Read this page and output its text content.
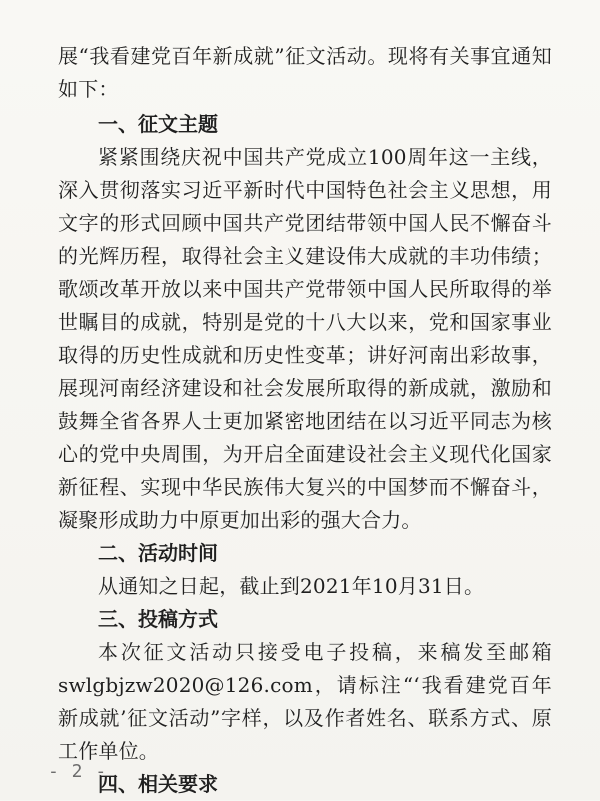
展“我看建党百年新成就”征文活动。现将有关事宜通知如下：

一、征文主题

紧紧围绕庆祝中国共产党成立100周年这一主线，深入贯彻落实习近平新时代中国特色社会主义思想，用文字的形式回顾中国共产党团结带领中国人民不懈奋斗的光辉历程，取得社会主义建设伟大成就的丰功伟绩；歌颂改革开放以来中国共产党带领中国人民所取得的举世瞩目的成就，特别是党的十八大以来，党和国家事业取得的历史性成就和历史性变革；讲好河南出彩故事，展现河南经济建设和社会发展所取得的新成就，激励和鼓舞全省各界人士更加紧密地团结在以习近平同志为核心的党中央周围，为开启全面建设社会主义现代化国家新征程、实现中华民族伟大复兴的中国梦而不懈奋斗，凝聚形成助力中原更加出彩的强大合力。

二、活动时间

从通知之日起，截止到2021年10月31日。

三、投稿方式

本次征文活动只接受电子投稿，来稿发至邮箱swlgbjzw2020@126.com，请标注“‘我看建党百年新成就’征文活动”字样，以及作者姓名、联系方式、原工作单位。

四、相关要求

- 2 -
